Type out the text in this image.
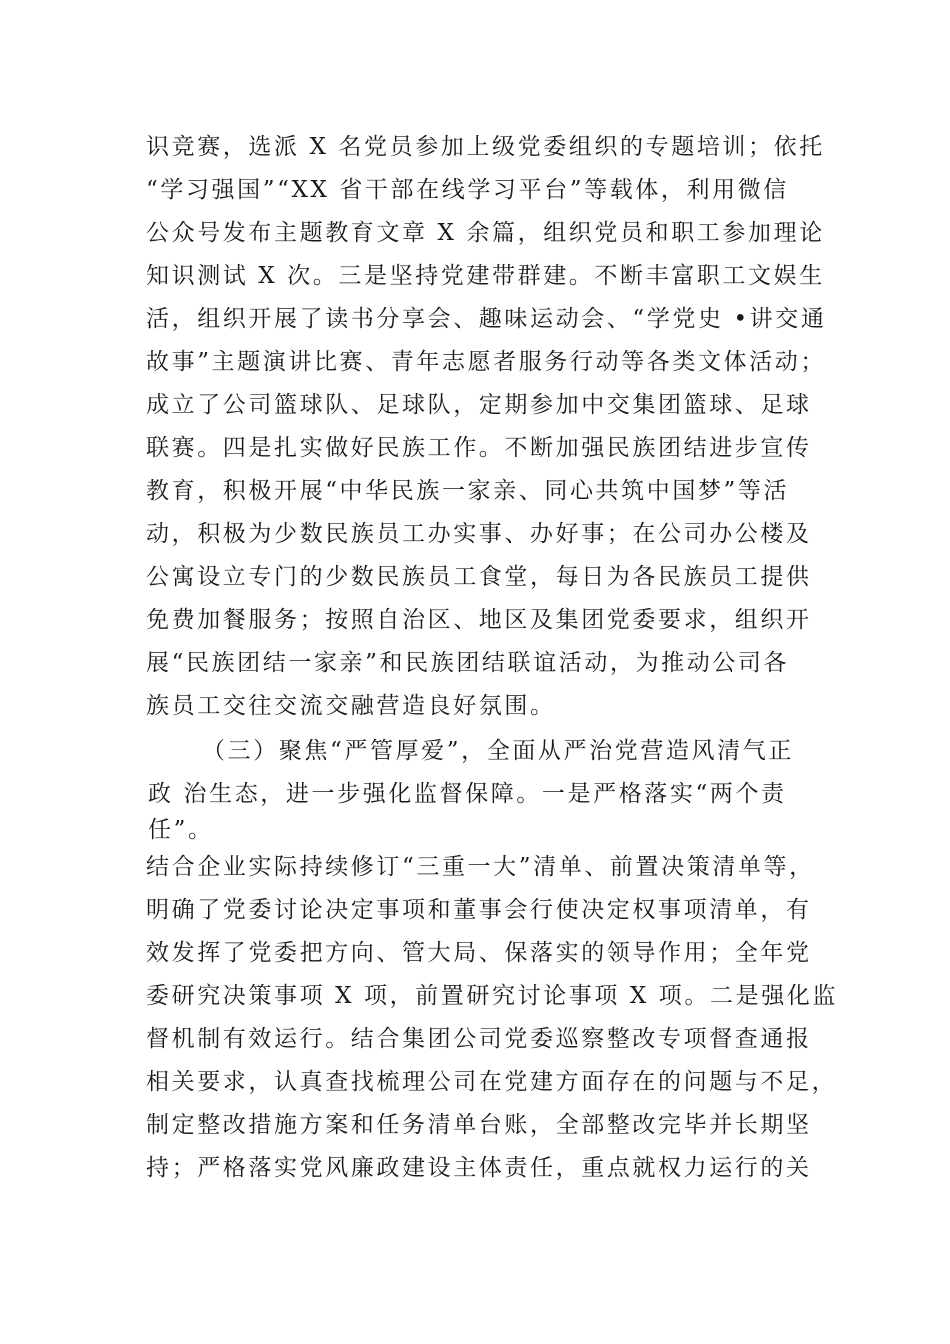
识竞赛，选派 X 名党员参加上级党委组织的专题培训；依托
“学习强国”“XX 省干部在线学习平台”等载体，利用微信
公众号发布主题教育文章 X 余篇，组织党员和职工参加理论
知识测试 X 次。三是坚持党建带群建。不断丰富职工文娱生
活，组织开展了读书分享会、趣味运动会、“学党史 •讲交通
故事”主题演讲比赛、青年志愿者服务行动等各类文体活动；
成立了公司篮球队、足球队，定期参加中交集团篮球、足球
联赛。四是扎实做好民族工作。不断加强民族团结进步宣传
教育，积极开展“中华民族一家亲、同心共筑中国梦”等活
动，积极为少数民族员工办实事、办好事；在公司办公楼及
公寓设立专门的少数民族员工食堂，每日为各民族员工提供
免费加餐服务；按照自治区、地区及集团党委要求，组织开
展“民族团结一家亲”和民族团结联谊活动，为推动公司各
族员工交往交流交融营造良好氛围。
（三）聚焦“严管厚爱”，全面从严治党营造风清气正
政 治生态，进一步强化监督保障。一是严格落实“两个责
任”。
结合企业实际持续修订“三重一大”清单、前置决策清单等，
明确了党委讨论决定事项和董事会行使决定权事项清单，有
效发挥了党委把方向、管大局、保落实的领导作用；全年党
委研究决策事项 X 项，前置研究讨论事项 X 项。二是强化监
督机制有效运行。结合集团公司党委巡察整改专项督查通报
相关要求，认真查找梳理公司在党建方面存在的问题与不足，
制定整改措施方案和任务清单台账，全部整改完毕并长期坚
持；严格落实党风廉政建设主体责任，重点就权力运行的关
